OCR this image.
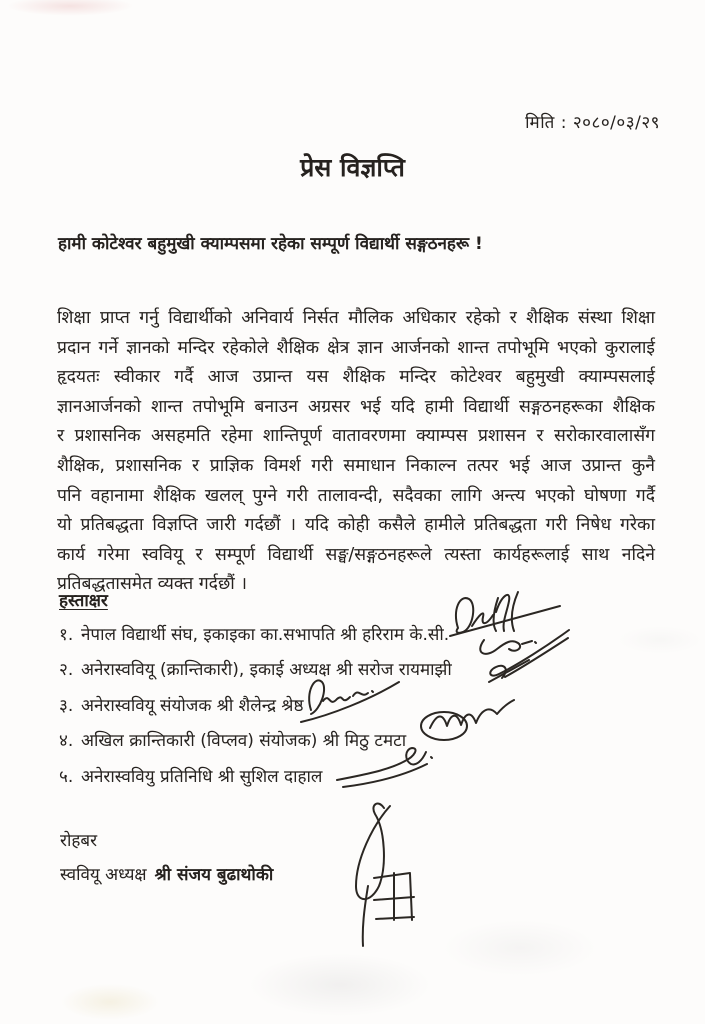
मिति : २०८०/०३/२९
प्रेस विज्ञप्ति
हामी कोटेश्वर बहुमुखी क्याम्पसमा रहेका सम्पूर्ण विद्यार्थी सङ्गठनहरू !
शिक्षा प्राप्त गर्नु विद्यार्थीको अनिवार्य निर्सत मौलिक अधिकार रहेको र शैक्षिक संस्था शिक्षा
प्रदान गर्ने ज्ञानको मन्दिर रहेकोले शैक्षिक क्षेत्र ज्ञान आर्जनको शान्त तपोभूमि भएको कुरालाई
हृदयतः स्वीकार गर्दै आज उप्रान्त यस शैक्षिक मन्दिर कोटेश्वर बहुमुखी क्याम्पसलाई
ज्ञानआर्जनको शान्त तपोभूमि बनाउन अग्रसर भई यदि हामी विद्यार्थी सङ्गठनहरूका शैक्षिक
र प्रशासनिक असहमति रहेमा शान्तिपूर्ण वातावरणमा क्याम्पस प्रशासन र सरोकारवालासँग
शैक्षिक, प्रशासनिक र प्राज्ञिक विमर्श गरी समाधान निकाल्न तत्पर भई आज उप्रान्त कुनै
पनि वहानामा शैक्षिक खलल् पुग्ने गरी तालावन्दी, सदैवका लागि अन्त्य भएको घोषणा गर्दै
यो प्रतिबद्धता विज्ञप्ति जारी गर्दछौं । यदि कोही कसैले हामीले प्रतिबद्धता गरी निषेध गरेका
कार्य गरेमा स्ववियू र सम्पूर्ण विद्यार्थी सङ्घ/सङ्गठनहरूले त्यस्ता कार्यहरूलाई साथ नदिने
प्रतिबद्धतासमेत व्यक्त गर्दछौं ।
हस्ताक्षर
१. नेपाल विद्यार्थी संघ, इकाइका का.सभापति श्री हरिराम के.सी.
२. अनेरास्ववियू (क्रान्तिकारी), इकाई अध्यक्ष श्री सरोज रायमाझी
३. अनेरास्ववियू संयोजक श्री शैलेन्द्र श्रेष्ठ
४. अखिल क्रान्तिकारी (विप्लव) संयोजक) श्री मिठु टमटा
५. अनेरास्ववियु प्रतिनिधि श्री सुशिल दाहाल
रोहबर
स्ववियू अध्यक्ष श्री संजय बुढाथोकी
